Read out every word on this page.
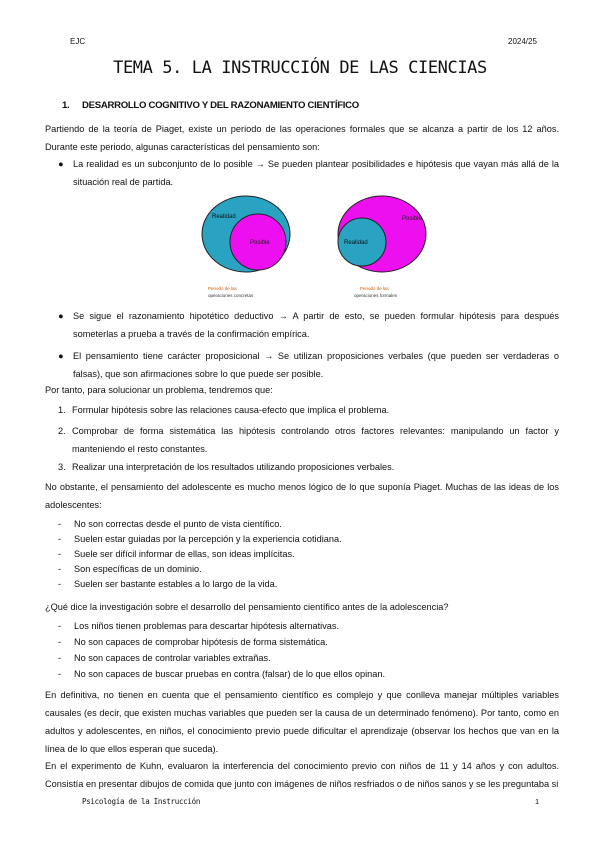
EJC	2024/25
TEMA 5. LA INSTRUCCIÓN DE LAS CIENCIAS
1. DESARROLLO COGNITIVO Y DEL RAZONAMIENTO CIENTÍFICO

Partiendo de la teoría de Piaget, existe un periodo de las operaciones formales que se alcanza a partir de los 12 años. Durante este periodo, algunas características del pensamiento son:

● La realidad es un subconjunto de lo posible → Se pueden plantear posibilidades e hipótesis que vayan más allá de la situación real de partida.
Realidad
Posible
Periodo de las
operaciones concretas
Posible
Realidad
Periodo de las
operaciones formales
● Se sigue el razonamiento hipotético deductivo → A partir de esto, se pueden formular hipótesis para después someterlas a prueba a través de la confirmación empírica.
● El pensamiento tiene carácter proposicional → Se utilizan proposiciones verbales (que pueden ser verdaderas o falsas), que son afirmaciones sobre lo que puede ser posible.

Por tanto, para solucionar un problema, tendremos que:

1. Formular hipótesis sobre las relaciones causa-efecto que implica el problema.
2. Comprobar de forma sistemática las hipótesis controlando otros factores relevantes: manipulando un factor y manteniendo el resto constantes.
3. Realizar una interpretación de los resultados utilizando proposiciones verbales.

No obstante, el pensamiento del adolescente es mucho menos lógico de lo que suponía Piaget. Muchas de las ideas de los adolescentes:

- No son correctas desde el punto de vista científico.
- Suelen estar guiadas por la percepción y la experiencia cotidiana.
- Suele ser difícil informar de ellas, son ideas implícitas.
- Son específicas de un dominio.
- Suelen ser bastante estables a lo largo de la vida.

¿Qué dice la investigación sobre el desarrollo del pensamiento científico antes de la adolescencia?

- Los niños tienen problemas para descartar hipótesis alternativas.
- No son capaces de comprobar hipótesis de forma sistemática.
- No son capaces de controlar variables extrañas.
- No son capaces de buscar pruebas en contra (falsar) de lo que ellos opinan.

En definitiva, no tienen en cuenta que el pensamiento científico es complejo y que conlleva manejar múltiples variables causales (es decir, que existen muchas variables que pueden ser la causa de un determinado fenómeno). Por tanto, como en adultos y adolescentes, en niños, el conocimiento previo puede dificultar el aprendizaje (observar los hechos que van en la línea de lo que ellos esperan que suceda).

En el experimento de Kuhn, evaluaron la interferencia del conocimiento previo con niños de 11 y 14 años y con adultos. Consistía en presentar dibujos de comida que junto con imágenes de niños resfriados o de niños sanos y se les preguntaba si

Psicología de la Instrucción	1
